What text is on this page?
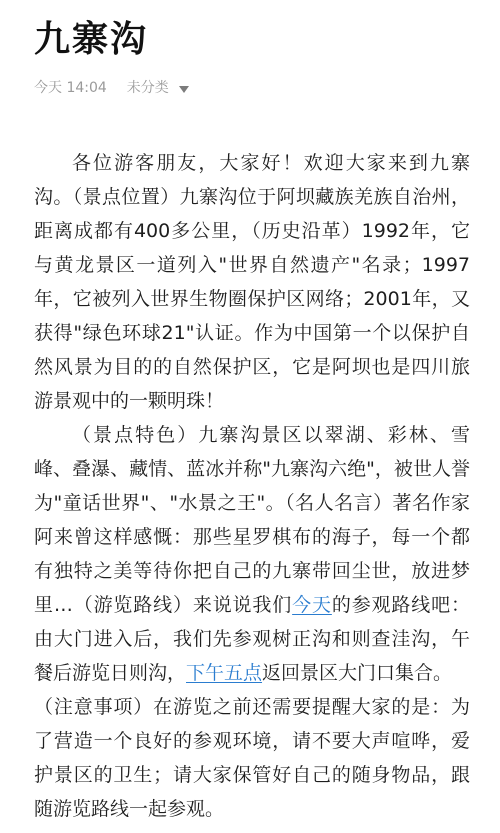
九寨沟
今天 14:04 未分类

各位游客朋友，大家好！欢迎大家来到九寨沟。（景点位置）九寨沟位于阿坝藏族羌族自治州，距离成都有400多公里，（历史沿革）1992年，它与黄龙景区一道列入"世界自然遗产"名录；1997年，它被列入世界生物圈保护区网络；2001年，又获得"绿色环球21"认证。作为中国第一个以保护自然风景为目的的自然保护区，它是阿坝也是四川旅游景观中的一颗明珠！

（景点特色）九寨沟景区以翠湖、彩林、雪峰、叠瀑、藏情、蓝冰并称"九寨沟六绝"，被世人誉为"童话世界"、"水景之王"。（名人名言）著名作家阿来曾这样感慨：那些星罗棋布的海子，每一个都有独特之美等待你把自己的九寨带回尘世，放进梦里…（游览路线）来说说我们今天的参观路线吧：由大门进入后，我们先参观树正沟和则查洼沟，午餐后游览日则沟，下午五点返回景区大门口集合。

（注意事项）在游览之前还需要提醒大家的是：为了营造一个良好的参观环境，请不要大声喧哗，爱护景区的卫生；请大家保管好自己的随身物品，跟随游览路线一起参观。
